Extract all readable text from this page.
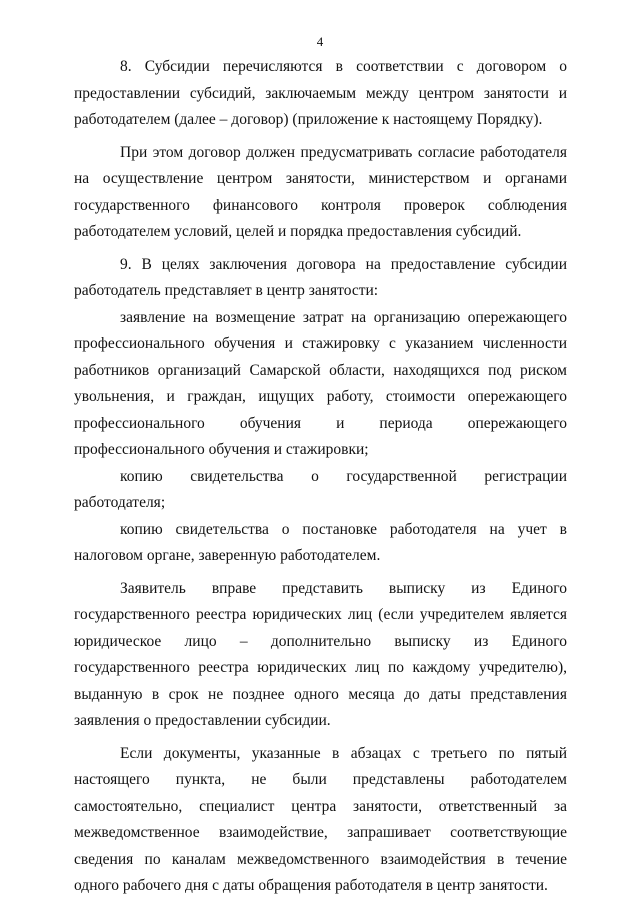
4

8. Субсидии перечисляются в соответствии с договором о предоставлении субсидий, заключаемым между центром занятости и работодателем (далее – договор) (приложение к настоящему Порядку).

При этом договор должен предусматривать согласие работодателя на осуществление центром занятости, министерством и органами государственного финансового контроля проверок соблюдения работодателем условий, целей и порядка предоставления субсидий.

9. В целях заключения договора на предоставление субсидии работодатель представляет в центр занятости:

заявление на возмещение затрат на организацию опережающего профессионального обучения и стажировку с указанием численности работников организаций Самарской области, находящихся под риском увольнения, и граждан, ищущих работу, стоимости опережающего профессионального обучения и периода опережающего профессионального обучения и стажировки;

копию свидетельства о государственной регистрации работодателя;

копию свидетельства о постановке работодателя на учет в налоговом органе, заверенную работодателем.

Заявитель вправе представить выписку из Единого государственного реестра юридических лиц (если учредителем является юридическое лицо – дополнительно выписку из Единого государственного реестра юридических лиц по каждому учредителю), выданную в срок не позднее одного месяца до даты представления заявления о предоставлении субсидии.

Если документы, указанные в абзацах с третьего по пятый настоящего пункта, не были представлены работодателем самостоятельно, специалист центра занятости, ответственный за межведомственное взаимодействие, запрашивает соответствующие сведения по каналам межведомственного взаимодействия в течение одного рабочего дня с даты обращения работодателя в центр занятости.
